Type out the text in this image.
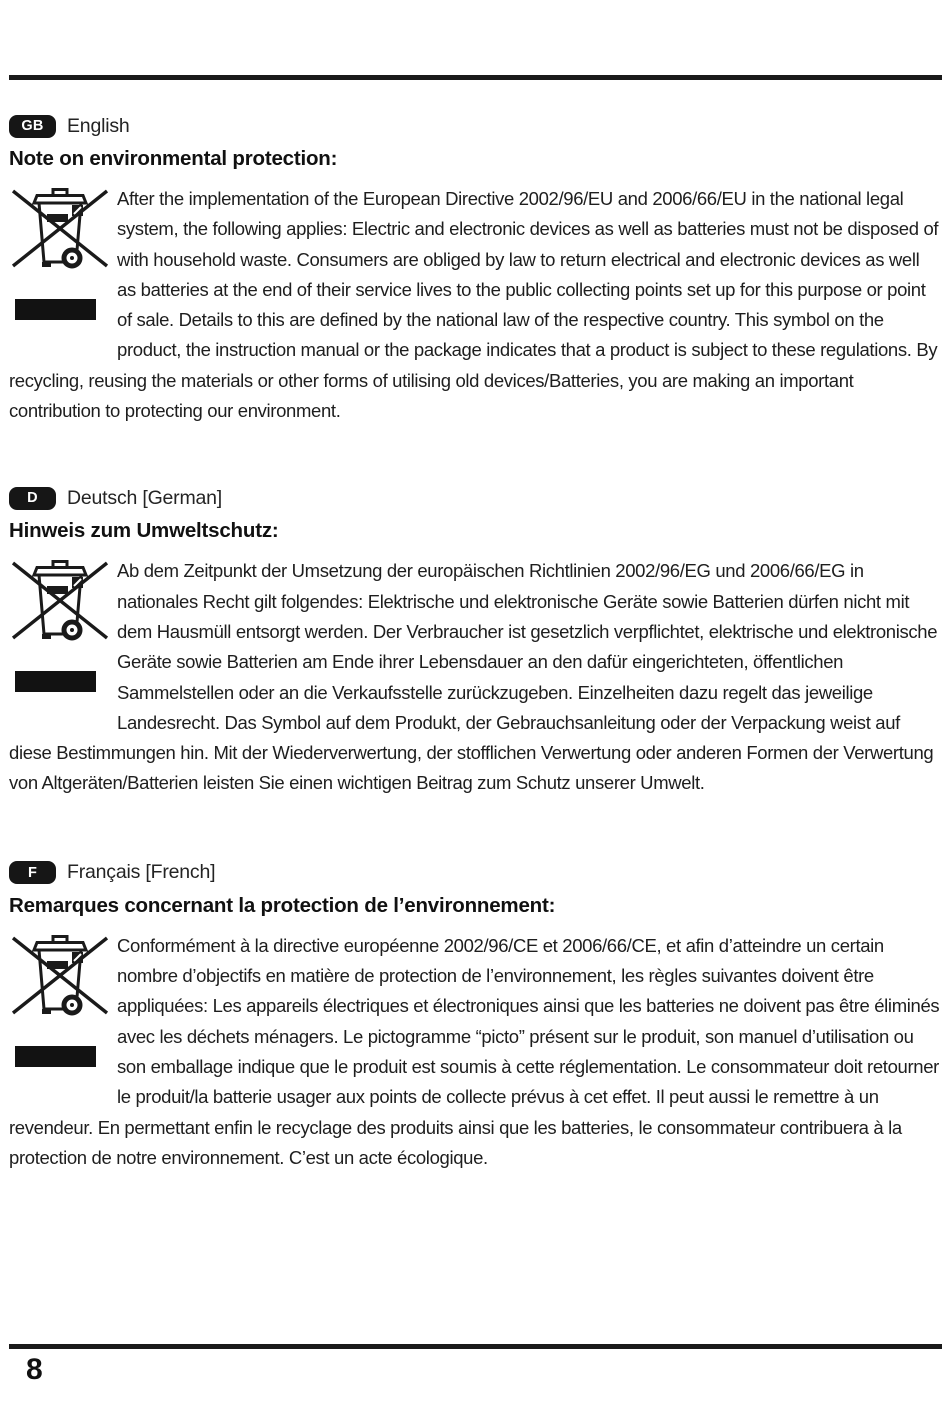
GB	English
Note on environmental protection:
After the implementation of the European Directive 2002/96/EU and 2006/66/EU in the national legal system, the following applies: Electric and electronic devices as well as batteries must not be disposed of with household waste. Consumers are obliged by law to return electrical and electronic devices as well as batteries at the end of their service lives to the public collecting points set up for this purpose or point of sale. Details to this are defined by the national law of the respective country. This symbol on the product, the instruction manual or the package indicates that a product is subject to these regulations. By recycling, reusing the materials or other forms of utilising old devices/Batteries, you are making an important contribution to protecting our environment.
D	Deutsch [German]
Hinweis zum Umweltschutz:
Ab dem Zeitpunkt der Umsetzung der europäischen Richtlinien 2002/96/EG und 2006/66/EG in nationales Recht gilt folgendes: Elektrische und elektronische Geräte sowie Batterien dürfen nicht mit dem Hausmüll entsorgt werden. Der Verbraucher ist gesetzlich verpflichtet, elektrische und elektronische Geräte sowie Batterien am Ende ihrer Lebensdauer an den dafür eingerichteten, öffentlichen Sammelstellen oder an die Verkaufsstelle zurückzugeben. Einzelheiten dazu regelt das jeweilige Landesrecht. Das Symbol auf dem Produkt, der Gebrauchsanleitung oder der Verpackung weist auf diese Bestimmungen hin. Mit der Wiederverwertung, der stofflichen Verwertung oder anderen Formen der Verwertung von Altgeräten/Batterien leisten Sie einen wichtigen Beitrag zum Schutz unserer Umwelt.
F	Français [French]
Remarques concernant la protection de l’environnement:
Conformément à la directive européenne 2002/96/CE et 2006/66/CE, et afin d’atteindre un certain nombre d’objectifs en matière de protection de l’environnement, les règles suivantes doivent être appliquées: Les appareils électriques et électroniques ainsi que les batteries ne doivent pas être éliminés avec les déchets ménagers. Le pictogramme “picto” présent sur le produit, son manuel d’utilisation ou son emballage indique que le produit est soumis à cette réglementation. Le consommateur doit retourner le produit/la batterie usager aux points de collecte prévus à cet effet. Il peut aussi le remettre à un revendeur. En permettant enfin le recyclage des produits ainsi que les batteries, le consommateur contribuera à la protection de notre environnement. C’est un acte écologique.
8
